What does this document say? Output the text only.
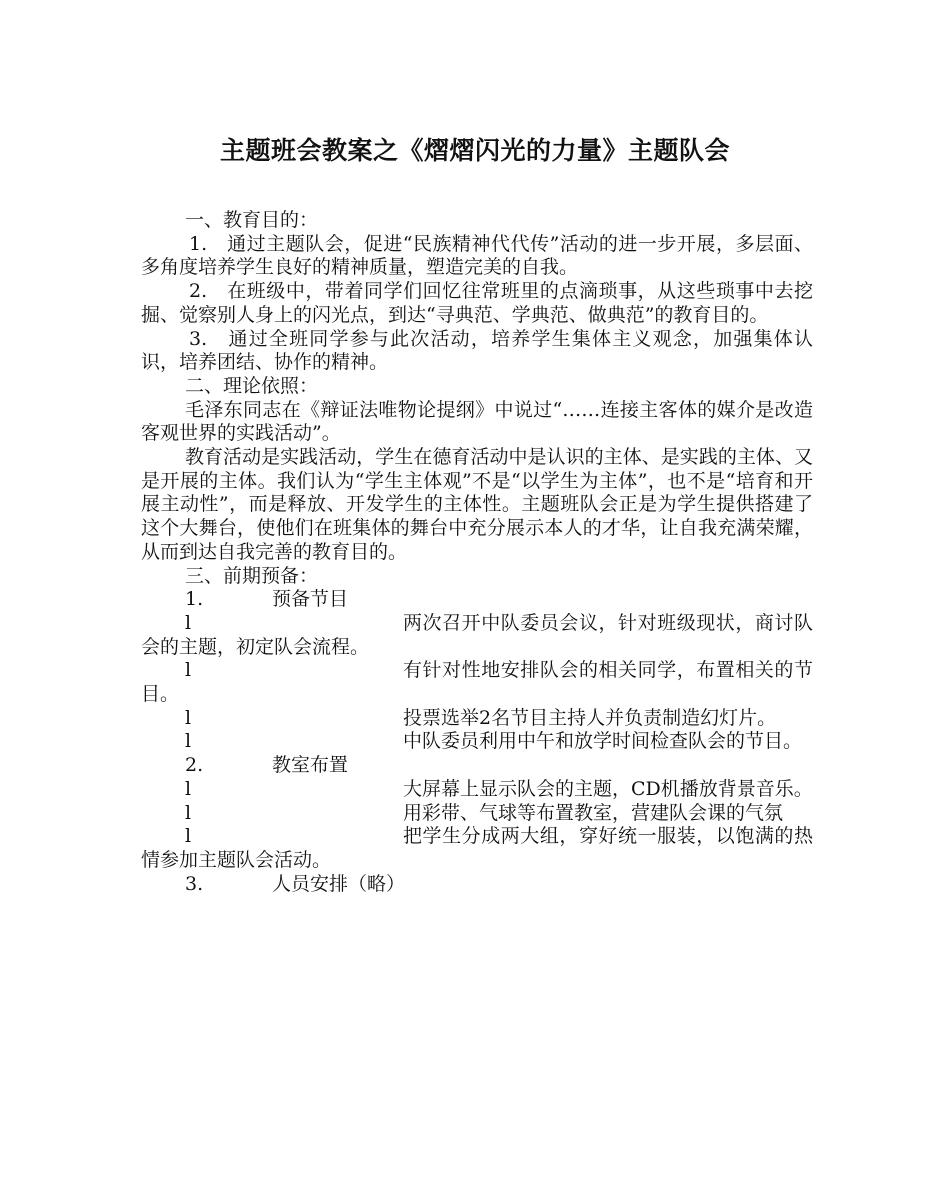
主题班会教案之《熠熠闪光的力量》主题队会

一、教育目的：

1.　通过主题队会，促进“民族精神代代传”活动的进一步开展，多层面、多角度培养学生良好的精神质量，塑造完美的自我。

2.　在班级中，带着同学们回忆往常班里的点滴琐事，从这些琐事中去挖掘、觉察别人身上的闪光点，到达“寻典范、学典范、做典范”的教育目的。

3.　通过全班同学参与此次活动，培养学生集体主义观念，加强集体认识，培养团结、协作的精神。

二、理论依照：

毛泽东同志在《辩证法唯物论提纲》中说过“……连接主客体的媒介是改造客观世界的实践活动”。

教育活动是实践活动，学生在德育活动中是认识的主体、是实践的主体、又是开展的主体。我们认为“学生主体观”不是“以学生为主体”，也不是“培育和开展主动性”，而是释放、开发学生的主体性。主题班队会正是为学生提供搭建了这个大舞台，使他们在班集体的舞台中充分展示本人的才华，让自我充满荣耀，从而到达自我完善的教育目的。

三、前期预备：

1.	预备节目
l	两次召开中队委员会议，针对班级现状，商讨队会的主题，初定队会流程。
l	有针对性地安排队会的相关同学，布置相关的节目。
l	投票选举2名节目主持人并负责制造幻灯片。
l	中队委员利用中午和放学时间检查队会的节目。
2.	教室布置
l	大屏幕上显示队会的主题，CD机播放背景音乐。
l	用彩带、气球等布置教室，营建队会课的气氛
l	把学生分成两大组，穿好统一服装，以饱满的热情参加主题队会活动。
3.	人员安排（略）
